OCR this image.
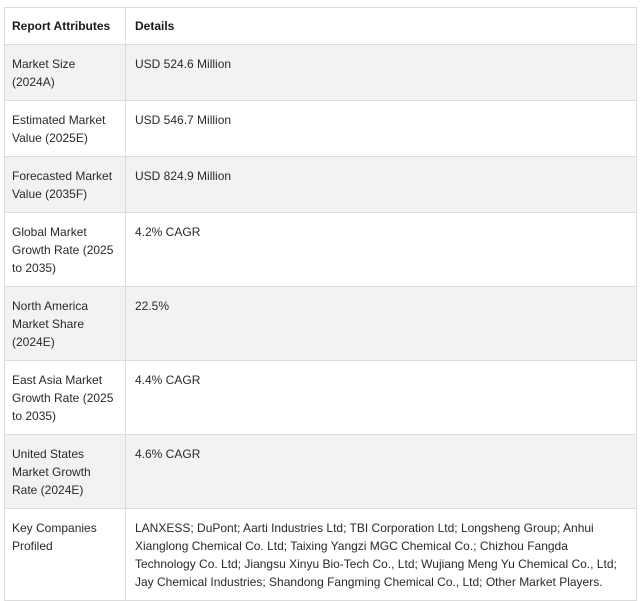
Report Attributes	Details
Market Size (2024A)	USD 524.6 Million
Estimated Market Value (2025E)	USD 546.7 Million
Forecasted Market Value (2035F)	USD 824.9 Million
Global Market Growth Rate (2025 to 2035)	4.2% CAGR
North America Market Share (2024E)	22.5%
East Asia Market Growth Rate (2025 to 2035)	4.4% CAGR
United States Market Growth Rate (2024E)	4.6% CAGR
Key Companies Profiled	LANXESS; DuPont; Aarti Industries Ltd; TBI Corporation Ltd; Longsheng Group; Anhui Xianglong Chemical Co. Ltd; Taixing Yangzi MGC Chemical Co.; Chizhou Fangda Technology Co. Ltd; Jiangsu Xinyu Bio-Tech Co., Ltd; Wujiang Meng Yu Chemical Co., Ltd; Jay Chemical Industries; Shandong Fangming Chemical Co., Ltd; Other Market Players.
